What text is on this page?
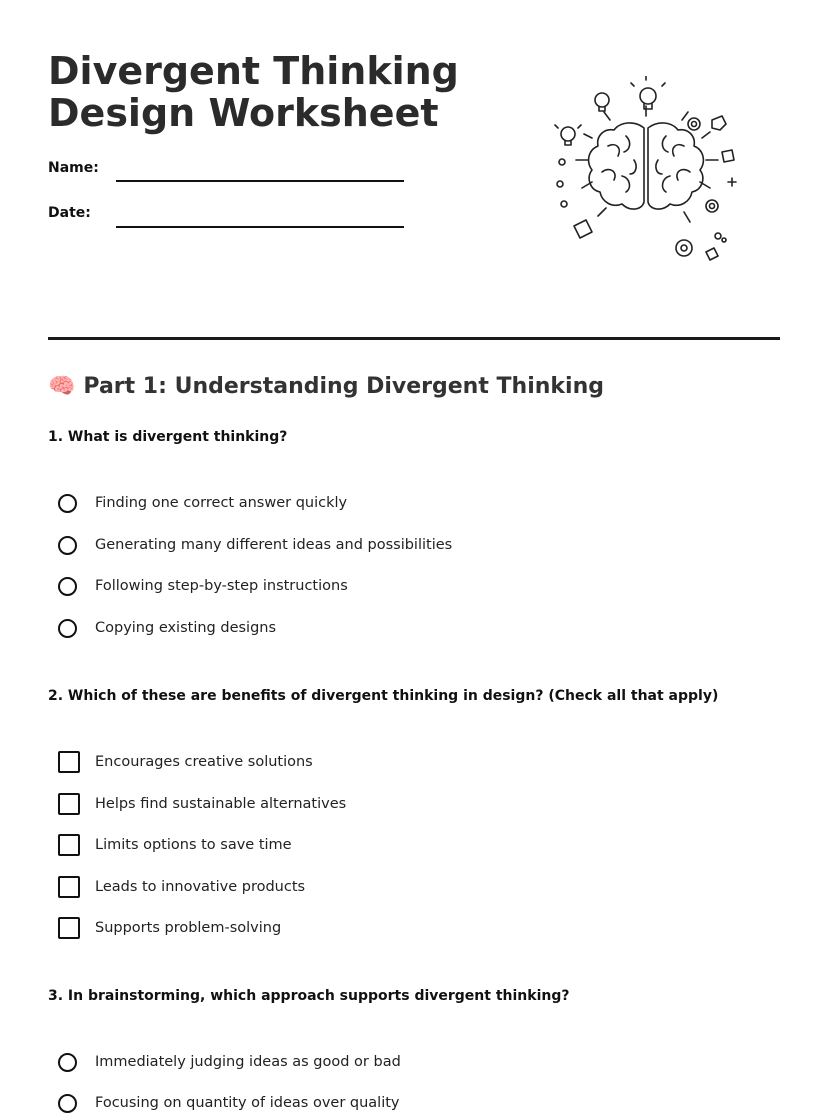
Divergent Thinking
Design Worksheet
Name:
Date:
🧠 Part 1: Understanding Divergent Thinking

1. What is divergent thinking?

Finding one correct answer quickly
Generating many different ideas and possibilities
Following step-by-step instructions
Copying existing designs

2. Which of these are benefits of divergent thinking in design? (Check all that apply)

Encourages creative solutions
Helps find sustainable alternatives
Limits options to save time
Leads to innovative products
Supports problem-solving

3. In brainstorming, which approach supports divergent thinking?

Immediately judging ideas as good or bad
Focusing on quantity of ideas over quality
